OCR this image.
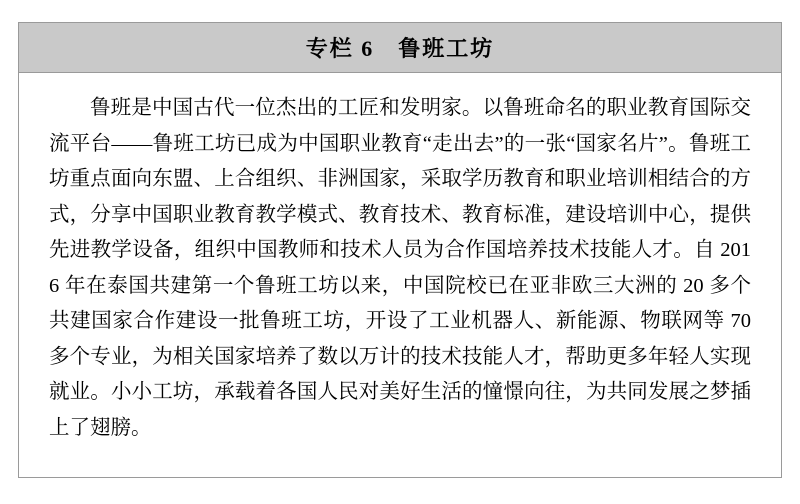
专栏 6　鲁班工坊

鲁班是中国古代一位杰出的工匠和发明家。以鲁班命名的职业教育国际交流平台——鲁班工坊已成为中国职业教育“走出去”的一张“国家名片”。鲁班工坊重点面向东盟、上合组织、非洲国家，采取学历教育和职业培训相结合的方式，分享中国职业教育教学模式、教育技术、教育标准，建设培训中心，提供先进教学设备，组织中国教师和技术人员为合作国培养技术技能人才。自 2016 年在泰国共建第一个鲁班工坊以来，中国院校已在亚非欧三大洲的 20 多个共建国家合作建设一批鲁班工坊，开设了工业机器人、新能源、物联网等 70 多个专业，为相关国家培养了数以万计的技术技能人才，帮助更多年轻人实现就业。小小工坊，承载着各国人民对美好生活的憧憬向往，为共同发展之梦插上了翅膀。
